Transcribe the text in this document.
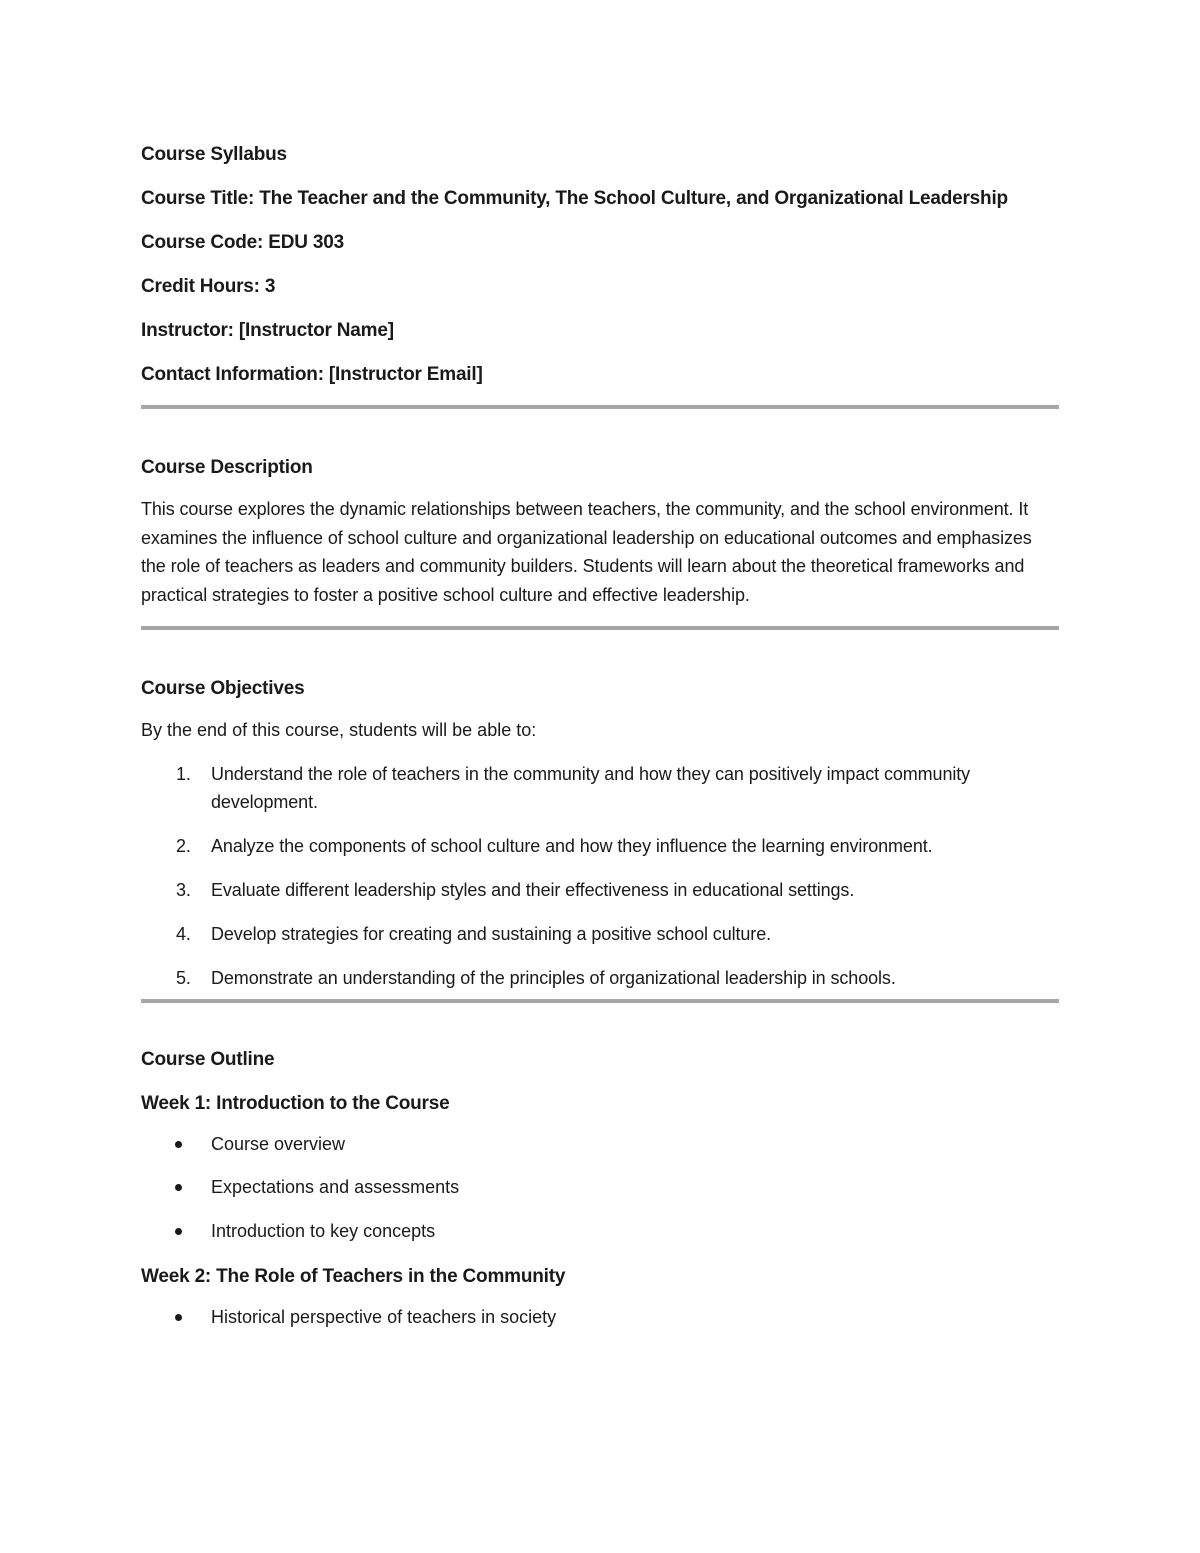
Course Syllabus
Course Title: The Teacher and the Community, The School Culture, and Organizational Leadership
Course Code: EDU 303
Credit Hours: 3
Instructor: [Instructor Name]
Contact Information: [Instructor Email]
Course Description

This course explores the dynamic relationships between teachers, the community, and the school environment. It examines the influence of school culture and organizational leadership on educational outcomes and emphasizes the role of teachers as leaders and community builders. Students will learn about the theoretical frameworks and practical strategies to foster a positive school culture and effective leadership.

Course Objectives

By the end of this course, students will be able to:

1. Understand the role of teachers in the community and how they can positively impact community development.
2. Analyze the components of school culture and how they influence the learning environment.
3. Evaluate different leadership styles and their effectiveness in educational settings.
4. Develop strategies for creating and sustaining a positive school culture.
5. Demonstrate an understanding of the principles of organizational leadership in schools.
Course Outline
Week 1: Introduction to the Course
Course overview
Expectations and assessments
Introduction to key concepts
Week 2: The Role of Teachers in the Community
Historical perspective of teachers in society
